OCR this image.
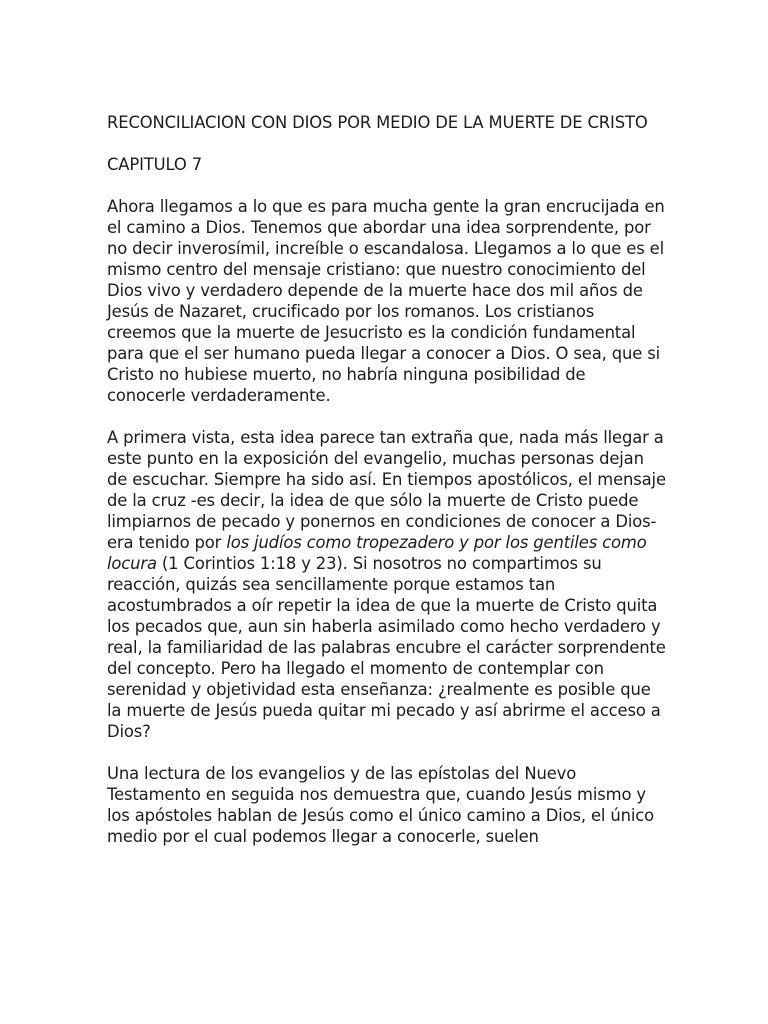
RECONCILIACION CON DIOS POR MEDIO DE LA MUERTE DE CRISTO
CAPITULO 7

Ahora llegamos a lo que es para mucha gente la gran encrucijada en el camino a Dios. Tenemos que abordar una idea sorprendente, por no decir inverosímil, increíble o escandalosa. Llegamos a lo que es el mismo centro del mensaje cristiano: que nuestro conocimiento del Dios vivo y verdadero depende de la muerte hace dos mil años de Jesús de Nazaret, crucificado por los romanos. Los cristianos creemos que la muerte de Jesucristo es la condición fundamental para que el ser humano pueda llegar a conocer a Dios. O sea, que si Cristo no hubiese muerto, no habría ninguna posibilidad de conocerle verdaderamente.

A primera vista, esta idea parece tan extraña que, nada más llegar a este punto en la exposición del evangelio, muchas personas dejan de escuchar. Siempre ha sido así. En tiempos apostólicos, el mensaje de la cruz -es decir, la idea de que sólo la muerte de Cristo puede limpiarnos de pecado y ponernos en condiciones de conocer a Dios- era tenido por los judíos como tropezadero y por los gentiles como locura (1 Corintios 1:18 y 23). Si nosotros no compartimos su reacción, quizás sea sencillamente porque estamos tan acostumbrados a oír repetir la idea de que la muerte de Cristo quita los pecados que, aun sin haberla asimilado como hecho verdadero y real, la familiaridad de las palabras encubre el carácter sorprendente del concepto. Pero ha llegado el momento de contemplar con serenidad y objetividad esta enseñanza: ¿realmente es posible que la muerte de Jesús pueda quitar mi pecado y así abrirme el acceso a Dios?

Una lectura de los evangelios y de las epístolas del Nuevo Testamento en seguida nos demuestra que, cuando Jesús mismo y los apóstoles hablan de Jesús como el único camino a Dios, el único medio por el cual podemos llegar a conocerle, suelen
